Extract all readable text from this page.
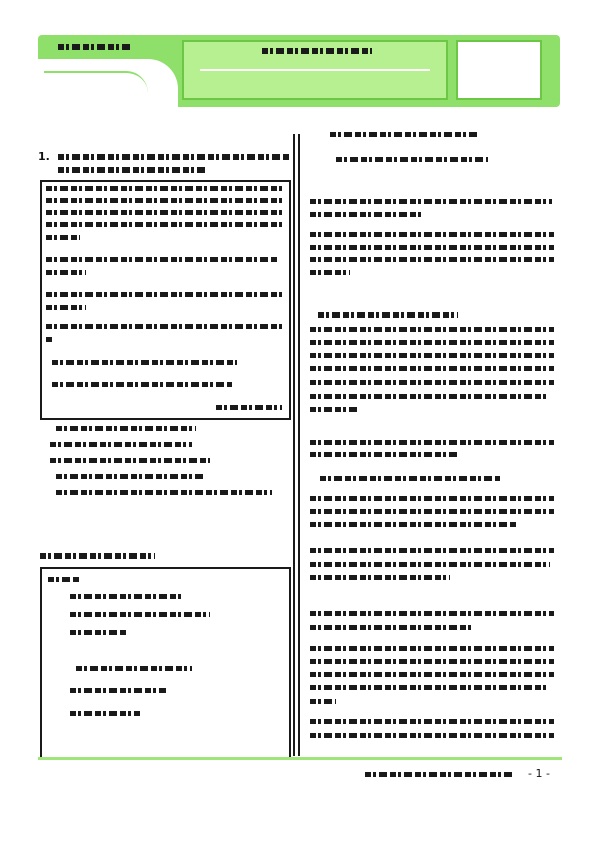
1.
- 1 -
